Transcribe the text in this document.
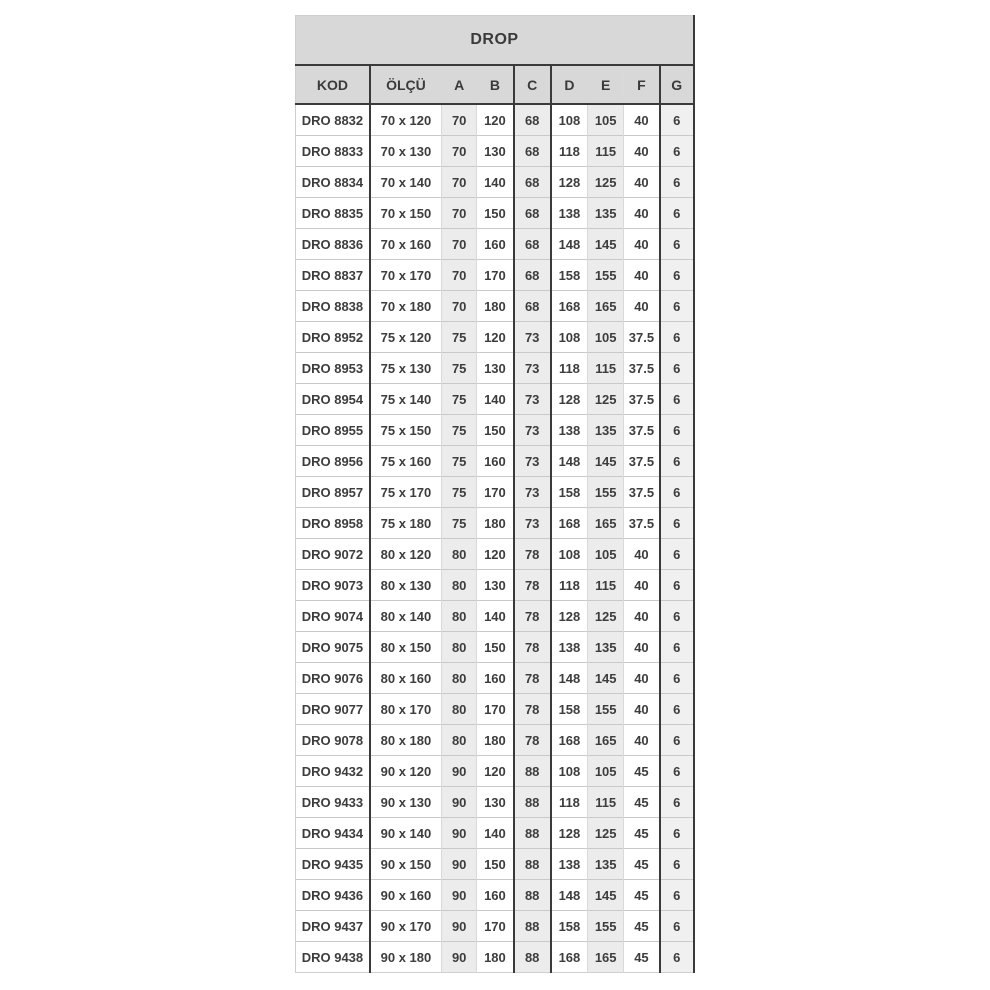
DROP								
KOD	ÖLÇÜ	A	B	C	D	E	F	G
DRO 8832	70 x 120	70	120	68	108	105	40	6
DRO 8833	70 x 130	70	130	68	118	115	40	6
DRO 8834	70 x 140	70	140	68	128	125	40	6
DRO 8835	70 x 150	70	150	68	138	135	40	6
DRO 8836	70 x 160	70	160	68	148	145	40	6
DRO 8837	70 x 170	70	170	68	158	155	40	6
DRO 8838	70 x 180	70	180	68	168	165	40	6
DRO 8952	75 x 120	75	120	73	108	105	37.5	6
DRO 8953	75 x 130	75	130	73	118	115	37.5	6
DRO 8954	75 x 140	75	140	73	128	125	37.5	6
DRO 8955	75 x 150	75	150	73	138	135	37.5	6
DRO 8956	75 x 160	75	160	73	148	145	37.5	6
DRO 8957	75 x 170	75	170	73	158	155	37.5	6
DRO 8958	75 x 180	75	180	73	168	165	37.5	6
DRO 9072	80 x 120	80	120	78	108	105	40	6
DRO 9073	80 x 130	80	130	78	118	115	40	6
DRO 9074	80 x 140	80	140	78	128	125	40	6
DRO 9075	80 x 150	80	150	78	138	135	40	6
DRO 9076	80 x 160	80	160	78	148	145	40	6
DRO 9077	80 x 170	80	170	78	158	155	40	6
DRO 9078	80 x 180	80	180	78	168	165	40	6
DRO 9432	90 x 120	90	120	88	108	105	45	6
DRO 9433	90 x 130	90	130	88	118	115	45	6
DRO 9434	90 x 140	90	140	88	128	125	45	6
DRO 9435	90 x 150	90	150	88	138	135	45	6
DRO 9436	90 x 160	90	160	88	148	145	45	6
DRO 9437	90 x 170	90	170	88	158	155	45	6
DRO 9438	90 x 180	90	180	88	168	165	45	6
